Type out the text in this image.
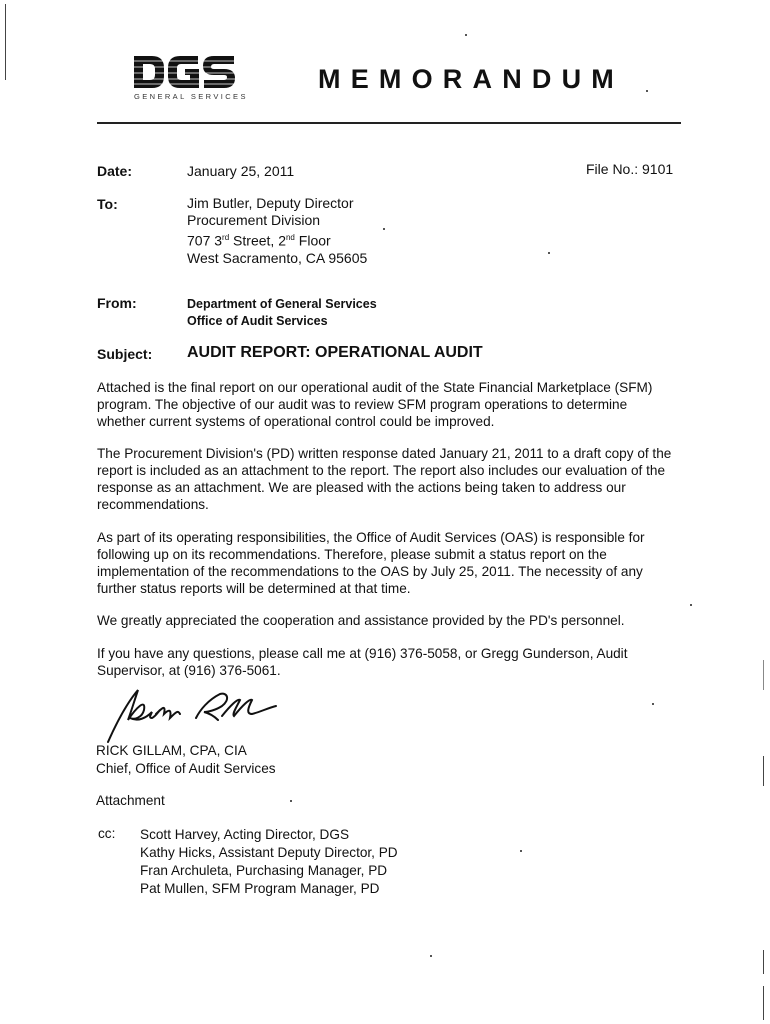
GENERAL SERVICES
MEMORANDUM
Date:	January 25, 2011	File No.: 9101
To:	Jim Butler, Deputy Director
Procurement Division
707 3rd Street, 2nd Floor
West Sacramento, CA 95605
From:	Department of General Services
Office of Audit Services
Subject: AUDIT REPORT: OPERATIONAL AUDIT
Attached is the final report on our operational audit of the State Financial Marketplace (SFM)
program. The objective of our audit was to review SFM program operations to determine
whether current systems of operational control could be improved.
The Procurement Division's (PD) written response dated January 21, 2011 to a draft copy of the
report is included as an attachment to the report. The report also includes our evaluation of the
response as an attachment. We are pleased with the actions being taken to address our
recommendations.
As part of its operating responsibilities, the Office of Audit Services (OAS) is responsible for
following up on its recommendations. Therefore, please submit a status report on the
implementation of the recommendations to the OAS by July 25, 2011. The necessity of any
further status reports will be determined at that time.
We greatly appreciated the cooperation and assistance provided by the PD's personnel.
If you have any questions, please call me at (916) 376-5058, or Gregg Gunderson, Audit
Supervisor, at (916) 376-5061.
RICK GILLAM, CPA, CIA
Chief, Office of Audit Services
Attachment
cc: Scott Harvey, Acting Director, DGS
Kathy Hicks, Assistant Deputy Director, PD
Fran Archuleta, Purchasing Manager, PD
Pat Mullen, SFM Program Manager, PD
